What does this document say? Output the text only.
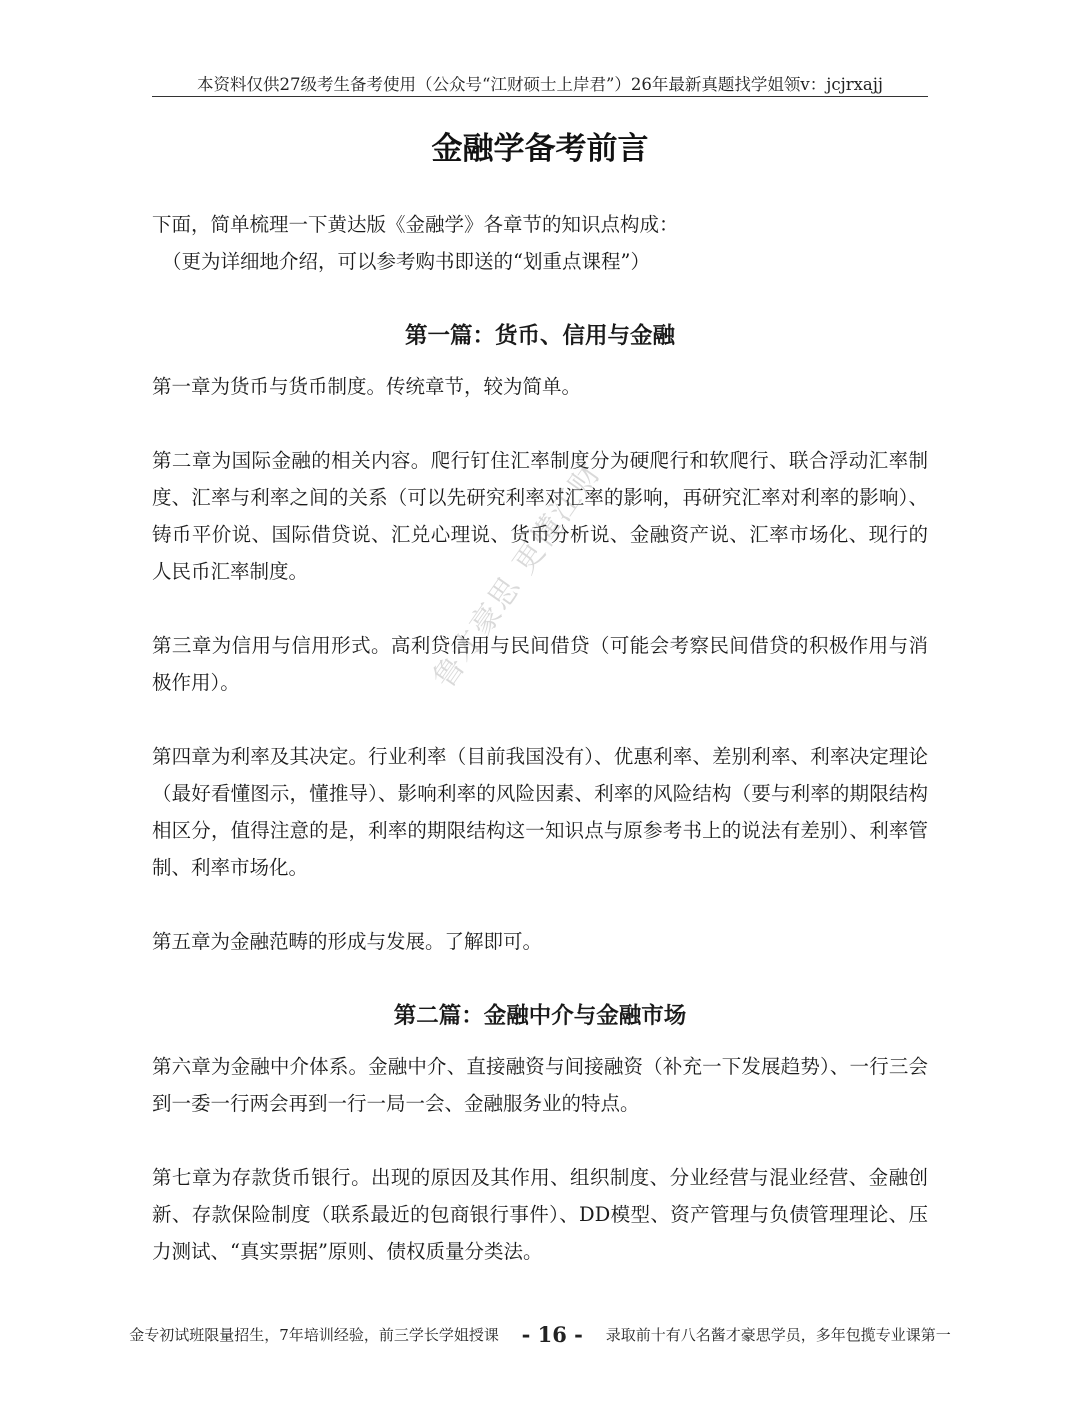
本资料仅供27级考生备考使用（公众号“江财硕士上岸君”）26年最新真题找学姐领v：jcjrxajj
金融学备考前言

下面，简单梳理一下黄达版《金融学》各章节的知识点构成：

（更为详细地介绍，可以参考购书即送的“划重点课程”）

第一篇：货币、信用与金融

第一章为货币与货币制度。传统章节，较为简单。

第二章为国际金融的相关内容。爬行钉住汇率制度分为硬爬行和软爬行、联合浮动汇率制度、汇率与利率之间的关系（可以先研究利率对汇率的影响，再研究汇率对利率的影响）、铸币平价说、国际借贷说、汇兑心理说、货币分析说、金融资产说、汇率市场化、现行的人民币汇率制度。

第三章为信用与信用形式。高利贷信用与民间借贷（可能会考察民间借贷的积极作用与消极作用）。

第四章为利率及其决定。行业利率（目前我国没有）、优惠利率、差别利率、利率决定理论（最好看懂图示，懂推导）、影响利率的风险因素、利率的风险结构（要与利率的期限结构相区分，值得注意的是，利率的期限结构这一知识点与原参考书上的说法有差别）、利率管制、利率市场化。

第五章为金融范畴的形成与发展。了解即可。

第二篇：金融中介与金融市场

第六章为金融中介体系。金融中介、直接融资与间接融资（补充一下发展趋势）、一行三会到一委一行两会再到一行一局一会、金融服务业的特点。

第七章为存款货币银行。出现的原因及其作用、组织制度、分业经营与混业经营、金融创新、存款保险制度（联系最近的包商银行事件）、DD模型、资产管理与负债管理理论、压力测试、“真实票据”原则、债权质量分类法。

鲁才豪思 更懂江财
金专初试班限量招生，7年培训经验，前三学长学姐授课 - 16 - 录取前十有八名酱才豪思学员，多年包揽专业课第一
